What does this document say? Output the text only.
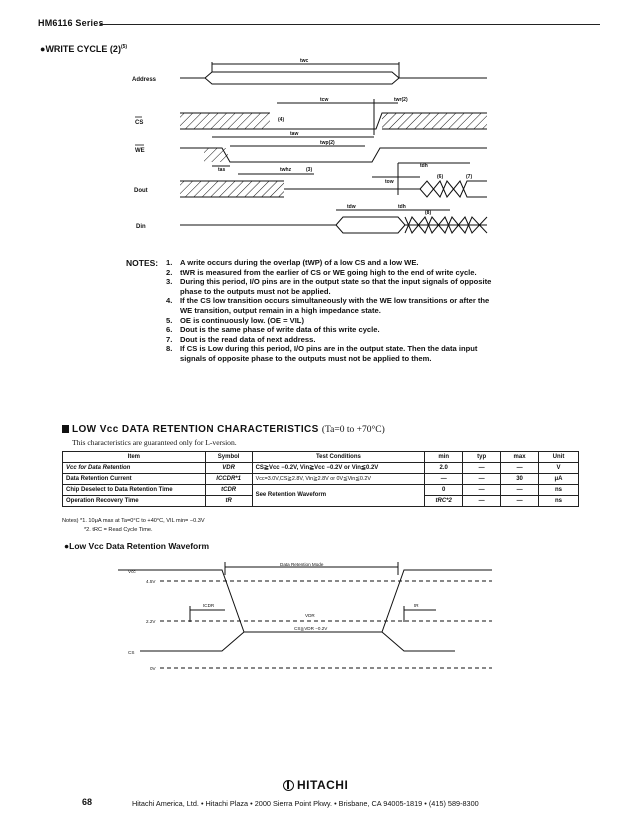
HM6116 Series
●WRITE CYCLE $(2)^{(5)}$
twc
tcw	twr(2)
(4)
taw
twp(2)
tas	twhz	(3)
tdh
tow
(6)	(7)
tdw	tdh
(8)
Address
CS
WE
Dout
Din
NOTES: 1. A write occurs during the overlap (tWP) of a low CS and a low WE.
2. tWR is measured from the earlier of CS or WE going high to the end of write cycle.
3. During this period, I/O pins are in the output state so that the input signals of opposite phase to the outputs must not be applied.
4. If the CS low transition occurs simultaneously with the WE low transitions or after the WE transition, output remain in a high impedance state.
5. OE is continuously low. (OE = VIL)
6. Dout is the same phase of write data of this write cycle.
7. Dout is the read data of next address.
8. If CS is Low during this period, I/O pins are in the output state. Then the data input signals of opposite phase to the outputs must not be applied to them.
LOW Vcc DATA RETENTION CHARACTERISTICS (Ta=0 to +70°C)
This characteristics are guaranteed only for L-version.
Item	Symbol	Test Conditions	min	typ	max	Unit
Vcc for Data Retention	VDR	CS≧Vcc −0.2V, Vin≧Vcc −0.2V or Vin≦0.2V	2.0	—	—	V
Data Retention Current	ICCDR*1	Vcc=3.0V,CS≧2.8V, Vin≧2.8V or 0V≦Vin≦0.2V	—	—	30	μA
Chip Deselect to Data Retention Time	tCDR	See Retention Waveform	0	—	—	ns
Operation Recovery Time	tR		tRC*2	—	—	ns
Notes) *1. 10μA max at Ta=0°C to +40°C, VIL min= −0.3V
*2. tRC = Read Cycle Time.
●Low Vcc Data Retention Waveform
Data Retention Mode
Vcc
4.5V
2.2V
CS
0V
tCDR	tR
VDR
CS≧VDR −0.2V
HITACHI
68	Hitachi America, Ltd. • Hitachi Plaza • 2000 Sierra Point Pkwy. • Brisbane, CA 94005-1819 • (415) 589-8300
